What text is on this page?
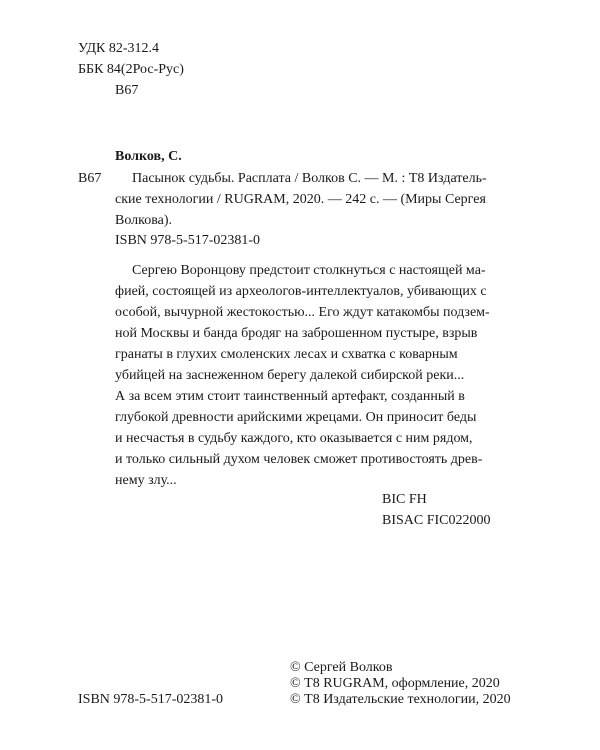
УДК 82-312.4
ББК 84(2Рос-Рус)
В67
В67
Волков, С.
Пасынок судьбы. Расплата / Волков С. — М. : Т8 Издатель-
ские технологии / RUGRAM, 2020. — 242 с. — (Миры Сергея
Волкова).
ISBN 978-5-517-02381-0
Сергею Воронцову предстоит столкнуться с настоящей ма-
фией, состоящей из археологов-интеллектуалов, убивающих с
особой, вычурной жестокостью... Его ждут катакомбы подзем-
ной Москвы и банда бродяг на заброшенном пустыре, взрыв
гранаты в глухих смоленских лесах и схватка с коварным
убийцей на заснеженном берегу далекой сибирской реки...
А за всем этим стоит таинственный артефакт, созданный в
глубокой древности арийскими жрецами. Он приносит беды
и несчастья в судьбу каждого, кто оказывается с ним рядом,
и только сильный духом человек сможет противостоять древ-
нему злу...
BIC FH
BISAC FIC022000
ISBN 978-5-517-02381-0
© Сергей Волков
© Т8 RUGRAM, оформление, 2020
© Т8 Издательские технологии, 2020
